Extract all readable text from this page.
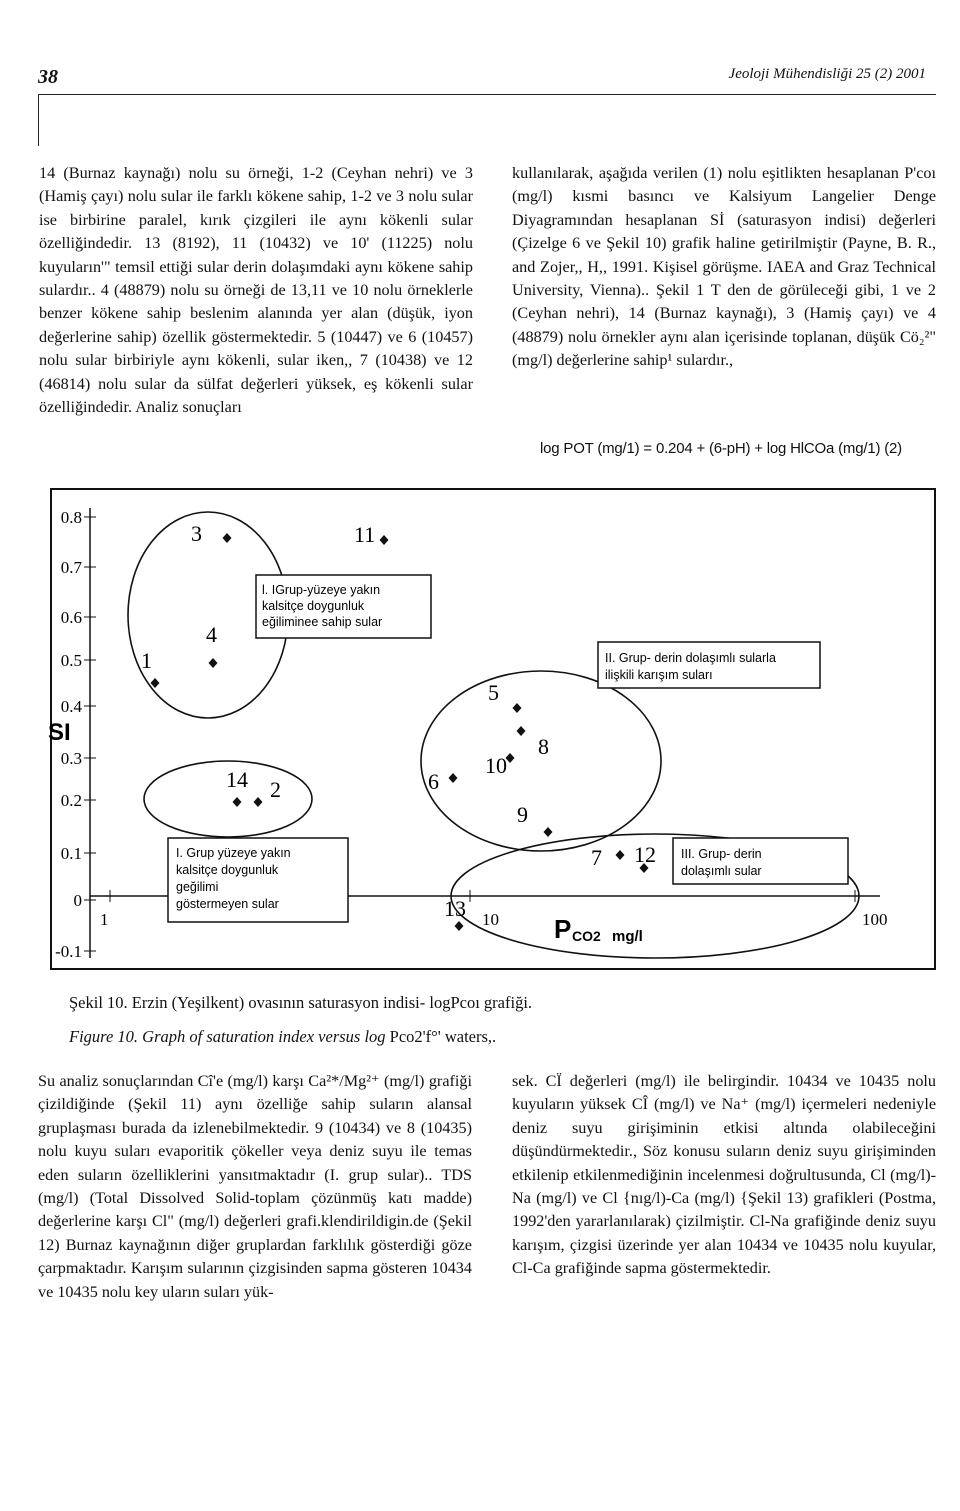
38	Jeoloji Mühendisliği 25 (2) 2001

14 (Burnaz kaynağı) nolu su örneği, 1-2 (Ceyhan nehri) ve 3 (Hamiş çayı) nolu sular ile farklı kökene sahip, 1-2 ve 3 nolu sular ise birbirine paralel, kırık çizgileri ile aynı kökenli sular özelliğindedir. 13 (8192), 11 (10432) ve 10' (11225) nolu kuyuların'" temsil ettiği sular derin dolaşımdaki aynı kökene sahip sulardır.. 4 (48879) nolu su örneği de 13,11 ve 10 nolu örneklerle benzer kökene sahip beslenim alanında yer alan (düşük, iyon değerlerine sahip) özellik göstermektedir. 5 (10447) ve 6 (10457) nolu sular birbiriyle aynı kökenli, sular iken,, 7 (10438) ve 12 (46814) nolu sular da sülfat değerleri yüksek, eş kökenli sular özelliğindedir. Analiz sonuçları

kullanılarak, aşağıda verilen (1) nolu eşitlikten hesaplanan P'coı (mg/l) kısmi basıncı ve Kalsiyum Langelier Denge Diyagramından hesaplanan Sİ (saturasyon indisi) değerleri (Çizelge 6 ve Şekil 10) grafik haline getirilmiştir (Payne, B. R., and Zojer,, H,, 1991. Kişisel görüşme. IAEA and Graz Technical University, Vienna).. Şekil 1 T den de görüleceği gibi, 1 ve 2 (Ceyhan nehri), 14 (Burnaz kaynağı), 3 (Hamiş çayı) ve 4 (48879) nolu örnekler aynı alan içerisinde toplanan, düşük Cö₂²" (mg/l) değerlerine sahip¹ sulardır.,

log POT (mg/1) = 0.204 + (6-pH) + log HlCOa (mg/1) (2)
0.8
0.7
0.6
0.5
0.4
0.3
0.2
0.1
0
-0.1
1	10	100
SI
P CO2 mg/l
l. IGrup-yüzeye yakın kalsitçe doygunluk eğiliminee sahip sular
II. Grup- derin dolaşımlı sularla ilişkili karışım suları
I. Grup yüzeye yakın kalsitçe doygunluk geğilimi göstermeyen sular
III. Grup- derin dolaşımlı sular
1
2
3
4
5
6
7
8
9
10
11
12
13
14
Şekil 10. Erzin (Yeşilkent) ovasının saturasyon indisi- logPcoı grafiği.
Figure 10. Graph of saturation index versus log Pco2'f°' waters,.

Su analiz sonuçlarından Cî'e (mg/l) karşı Ca²*/Mg²⁺ (mg/l) grafiği çizildiğinde (Şekil 11) aynı özelliğe sahip suların alansal gruplaşması burada da izlenebilmektedir. 9 (10434) ve 8 (10435) nolu kuyu suları evaporitik çökeller veya deniz suyu ile temas eden suların özelliklerini yansıtmaktadır (I. grup sular).. TDS (mg/l) (Total Dissolved Solid-toplam çözünmüş katı madde) değerlerine karşı Cl" (mg/l) değerleri grafi.klendirildigin.de (Şekil 12) Burnaz kaynağının diğer gruplardan farklılık gösterdiği göze çarpmaktadır. Karışım sularının çizgisinden sapma gösteren 10434 ve 10435 nolu key uların suları yük-

sek. CÏ değerleri (mg/l) ile belirgindir. 10434 ve 10435 nolu kuyuların yüksek CÎ (mg/l) ve Na⁺ (mg/l) içermeleri nedeniyle deniz suyu girişiminin etkisi altında olabileceğini düşündürmektedir., Söz konusu suların deniz suyu girişiminden etkilenip etkilenmediğinin incelenmesi doğrultusunda, Cl (mg/l)-Na (mg/l) ve Cl {nıg/l)-Ca (mg/l) {Şekil 13) grafikleri (Postma, 1992'den yararlanılarak) çizilmiştir. Cl-Na grafiğinde deniz suyu karışım, çizgisi üzerinde yer alan 10434 ve 10435 nolu kuyular, Cl-Ca grafiğinde sapma göstermektedir.
